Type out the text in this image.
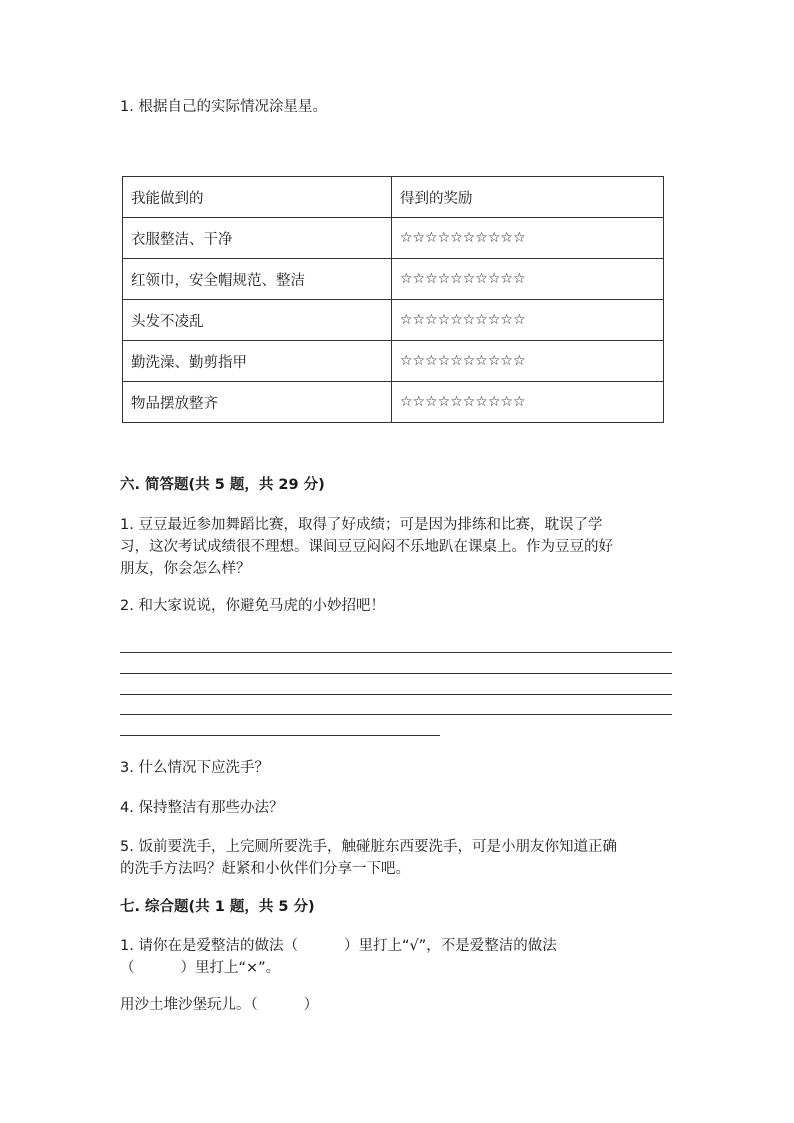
1. 根据自己的实际情况涂星星。
我能做到的	得到的奖励
衣服整洁、干净	☆☆☆☆☆☆☆☆☆☆
红领巾，安全帽规范、整洁	☆☆☆☆☆☆☆☆☆☆
头发不凌乱	☆☆☆☆☆☆☆☆☆☆
勤洗澡、勤剪指甲	☆☆☆☆☆☆☆☆☆☆
物品摆放整齐	☆☆☆☆☆☆☆☆☆☆
六. 简答题(共 5 题，共 29 分)
1. 豆豆最近参加舞蹈比赛，取得了好成绩；可是因为排练和比赛，耽误了学
习，这次考试成绩很不理想。课间豆豆闷闷不乐地趴在课桌上。作为豆豆的好
朋友，你会怎么样？
2. 和大家说说，你避免马虎的小妙招吧！
3. 什么情况下应洗手？
4. 保持整洁有那些办法？
5. 饭前要洗手，上完厕所要洗手，触碰脏东西要洗手，可是小朋友你知道正确
的洗手方法吗？赶紧和小伙伴们分享一下吧。
七. 综合题(共 1 题，共 5 分)
1. 请你在是爱整洁的做法（	）里打上“√”，不是爱整洁的做法
（	）里打上“×”。
用沙土堆沙堡玩儿。（	）
